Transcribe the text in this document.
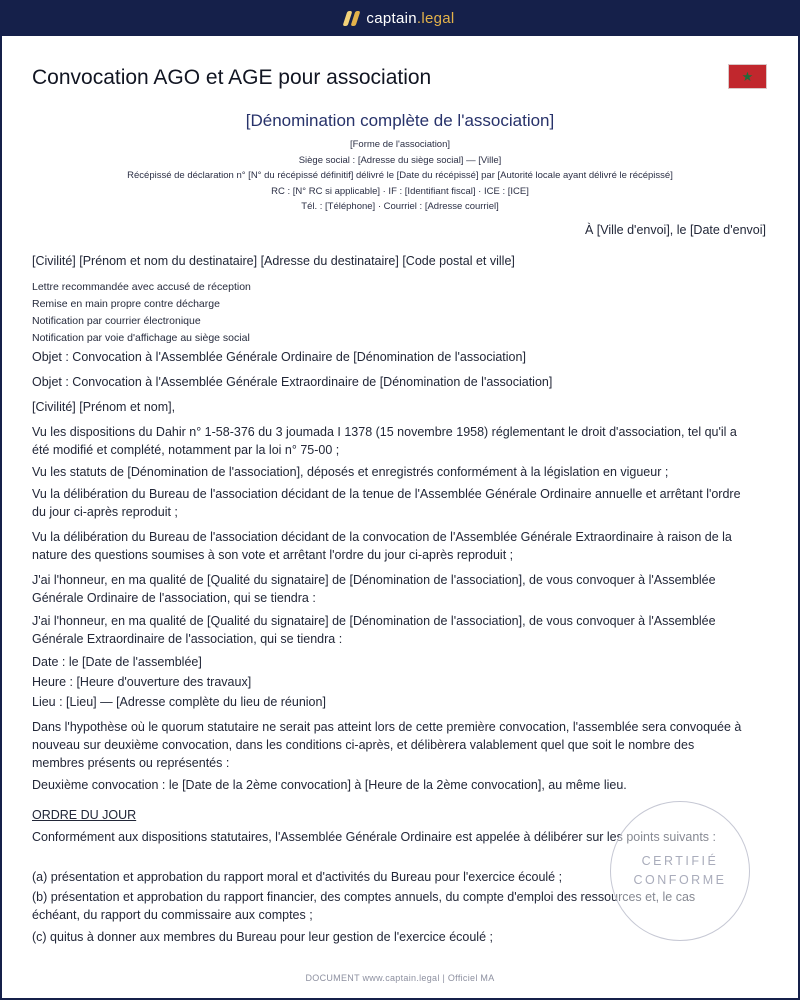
captain.legal
Convocation AGO et AGE pour association	★
[Dénomination complète de l'association]
[Forme de l'association]
Siège social : [Adresse du siège social] — [Ville]
Récépissé de déclaration n° [N° du récépissé définitif] délivré le [Date du récépissé] par [Autorité locale ayant délivré le récépissé]
RC : [N° RC si applicable] · IF : [Identifiant fiscal] · ICE : [ICE]
Tél. : [Téléphone] · Courriel : [Adresse courriel]
À [Ville d'envoi], le [Date d'envoi]
[Civilité] [Prénom et nom du destinataire] [Adresse du destinataire] [Code postal et ville]
Lettre recommandée avec accusé de réception
Remise en main propre contre décharge
Notification par courrier électronique
Notification par voie d'affichage au siège social
Objet : Convocation à l'Assemblée Générale Ordinaire de [Dénomination de l'association]
Objet : Convocation à l'Assemblée Générale Extraordinaire de [Dénomination de l'association]
[Civilité] [Prénom et nom],
Vu les dispositions du Dahir n° 1-58-376 du 3 joumada I 1378 (15 novembre 1958) réglementant le droit d'association, tel qu'il a été modifié et complété, notamment par la loi n° 75-00 ;
Vu les statuts de [Dénomination de l'association], déposés et enregistrés conformément à la législation en vigueur ;
Vu la délibération du Bureau de l'association décidant de la tenue de l'Assemblée Générale Ordinaire annuelle et arrêtant l'ordre du jour ci-après reproduit ;
Vu la délibération du Bureau de l'association décidant de la convocation de l'Assemblée Générale Extraordinaire à raison de la nature des questions soumises à son vote et arrêtant l'ordre du jour ci-après reproduit ;
J'ai l'honneur, en ma qualité de [Qualité du signataire] de [Dénomination de l'association], de vous convoquer à l'Assemblée Générale Ordinaire de l'association, qui se tiendra :
J'ai l'honneur, en ma qualité de [Qualité du signataire] de [Dénomination de l'association], de vous convoquer à l'Assemblée Générale Extraordinaire de l'association, qui se tiendra :
Date : le [Date de l'assemblée]
Heure : [Heure d'ouverture des travaux]
Lieu : [Lieu] — [Adresse complète du lieu de réunion]
Dans l'hypothèse où le quorum statutaire ne serait pas atteint lors de cette première convocation, l'assemblée sera convoquée à nouveau sur deuxième convocation, dans les conditions ci-après, et délibèrera valablement quel que soit le nombre des membres présents ou représentés :
Deuxième convocation : le [Date de la 2ème convocation] à [Heure de la 2ème convocation], au même lieu.
ORDRE DU JOUR
Conformément aux dispositions statutaires, l'Assemblée Générale Ordinaire est appelée à délibérer sur les points suivants :
(a) présentation et approbation du rapport moral et d'activités du Bureau pour l'exercice écoulé ;
(b) présentation et approbation du rapport financier, des comptes annuels, du compte d'emploi des ressources et, le cas échéant, du rapport du commissaire aux comptes ;
(c) quitus à donner aux membres du Bureau pour leur gestion de l'exercice écoulé ;
CERTIFIÉ
CONFORME
DOCUMENT www.captain.legal | Officiel MA
